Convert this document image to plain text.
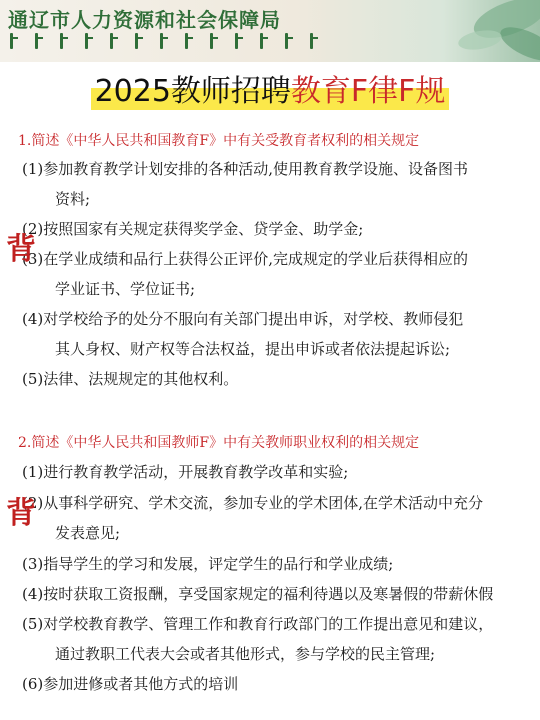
通辽市人力资源和社会保障局
2025教师招聘教育F律F规
1.简述《中华人民共和国教育F》中有关受教育者权利的相关规定
(1)参加教育教学计划安排的各种活动,使用教育教学设施、设备图书
资料;
(2)按照国家有关规定获得奖学金、贷学金、助学金;
(3)在学业成绩和品行上获得公正评价,完成规定的学业后获得相应的
学业证书、学位证书;
(4)对学校给予的处分不服向有关部门提出申诉，对学校、教师侵犯
其人身权、财产权等合法权益，提出申诉或者依法提起诉讼;
(5)法律、法规规定的其他权利。
背
2.简述《中华人民共和国教师F》中有关教师职业权利的相关规定
(1)进行教育教学活动，开展教育教学改革和实验;
(2)从事科学研究、学术交流，参加专业的学术团体,在学术活动中充分
发表意见;
(3)指导学生的学习和发展，评定学生的品行和学业成绩;
(4)按时获取工资报酬，享受国家规定的福利待遇以及寒暑假的带薪休假
(5)对学校教育教学、管理工作和教育行政部门的工作提出意见和建议，
通过教职工代表大会或者其他形式，参与学校的民主管理;
(6)参加进修或者其他方式的培训
背
